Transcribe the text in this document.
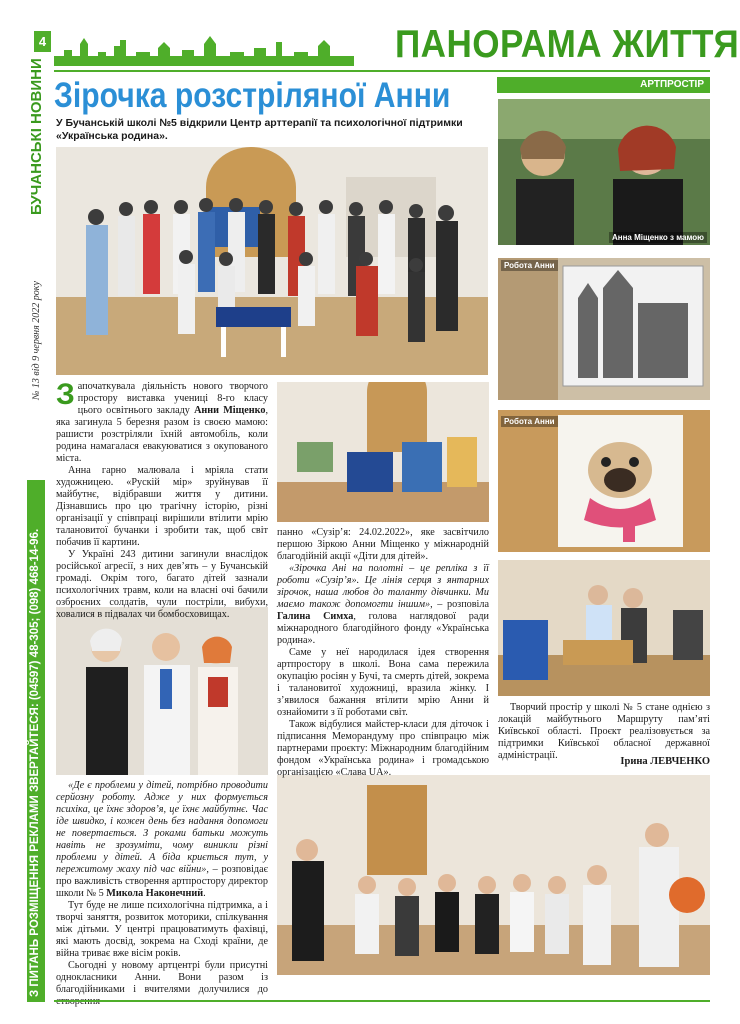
4	ПАНОРАМА ЖИТТЯ
АРТПРОСТІР
БУЧАНСЬКІ НОВИНИ
№ 13 від 9 червня 2022 року
З ПИТАНЬ РОЗМІЩЕННЯ РЕКЛАМИ ЗВЕРТАЙТЕСЯ: (04597) 48-305; (098) 468-14-96.
Зірочка розстріляної Анни
У Бучанській школі №5 відкрили Центр арттерапії та психологічної підтримки «Українська родина».
Анна Міщенко з мамою
Робота Анни
Робота Анни

Започаткувала діяльність нового творчого простору виставка учениці 8-го класу цього освітнього закладу Анни Міщенко, яка загинула 5 березня разом із своєю мамою: рашисти розстріляли їхній автомобіль, коли родина намагалася евакуюватися з окупованого міста.

Анна гарно малювала і мріяла стати художницею. «Рускій мір» зруйнував її майбутнє, відібравши життя у дитини. Дізнавшись про цю трагічну історію, різні організації у співпраці вирішили втілити мрію талановитої бучанки і зробити так, щоб світ побачив її картини.

У Україні 243 дитини загинули внаслідок російської агресії, з них дев’ять – у Бучанській громаді. Окрім того, багато дітей зазнали психологічних травм, коли на власні очі бачили озброєних солдатів, чули постріли, вибухи, ховалися в підвалах чи бомбосховищах.

панно «Сузір’я: 24.02.2022», яке засвітчило першою Зіркою Анни Міщенко у міжнародній благодійній акції «Діти для дітей».

«Зірочка Ані на полотні – це репліка з її роботи «Сузір’я». Це лінія серця з янтарних зірочок, наша любов до таланту дівчинки. Ми маємо також допомогти іншим», – розповіла Галина Симха, голова наглядової ради міжнародного благодійного фонду «Українська родина».

Саме у неї народилася ідея створення артпростору в школі. Вона сама пережила окупацію росіян у Бучі, та смерть дітей, зокрема і талановитої художниці, вразила жінку. І з’явилося бажання втілити мрію Анни й ознайомити з її роботами світ.

Також відбулися майстер-класи для діточок і підписання Меморандуму про співпрацю між партнерами проєкту: Міжнародним благодійним фондом «Українська родина» і громадською організацією «Слава UA».

«Де є проблеми у дітей, потрібно проводити серйозну роботу. Адже у них формується психіка, це їхнє здоров’я, це їхнє майбутнє. Час іде швидко, і кожен день без надання допомоги не повертається. З роками батьки можуть навіть не зрозуміти, чому виникли різні проблеми у дітей. А біда криється тут, у пережитому жаху під час війни», – розповідає про важливість створення артпростору директор школи № 5 Микола Наконечний.

Тут буде не лише психологічна підтримка, а і творчі заняття, розвиток моторики, спілкування між дітьми. У центрі працюватимуть фахівці, які мають досвід, зокрема на Сході країни, де війна триває вже вісім років.

Сьогодні у новому артцентрі були присутні однокласники Анни. Вони разом із благодійниками і вчителями долучилися до

Творчий простір у школі № 5 стане однією з локацій майбутнього Маршруту пам’яті Київської області. Проєкт реалізовується за підтримки Київської обласної державної адміністрації.

Ірина ЛЕВЧЕНКО
